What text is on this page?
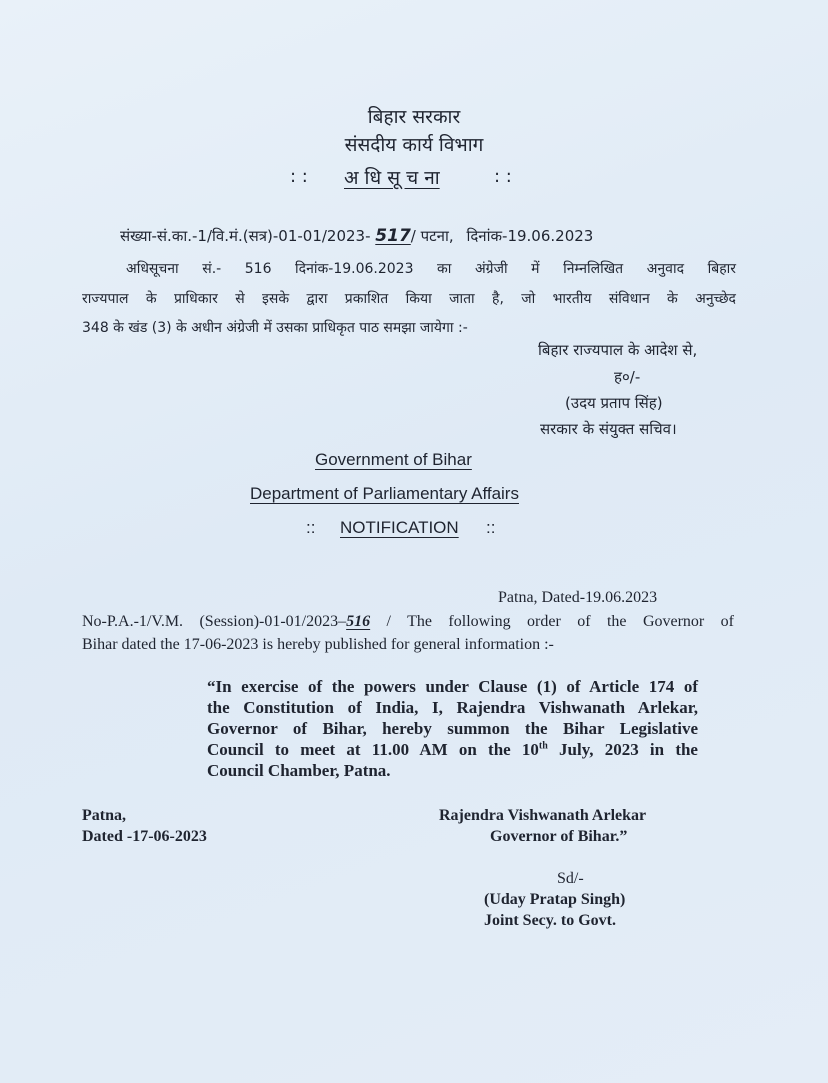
बिहार सरकार
संसदीय कार्य विभाग
: : अ धि सू च ना	: :
संख्या-सं.का.-1/वि.मं.(सत्र)-01-01/2023- 517/ पटना, दिनांक-19.06.2023
अधिसूचना सं.- 516 दिनांक-19.06.2023 का अंग्रेजी में निम्नलिखित अनुवाद बिहार
राज्यपाल के प्राधिकार से इसके द्वारा प्रकाशित किया जाता है, जो भारतीय संविधान के अनुच्छेद
348 के खंड (3) के अधीन अंग्रेजी में उसका प्राधिकृत पाठ समझा जायेगा :-
बिहार राज्यपाल के आदेश से,
ह०/-
(उदय प्रताप सिंह)
सरकार के संयुक्त सचिव।
Government of Bihar
Department of Parliamentary Affairs
:: NOTIFICATION ::
Patna, Dated-19.06.2023
No-P.A.-1/V.M. (Session)-01-01/2023–516 / The following order of the Governor of
Bihar dated the 17-06-2023 is hereby published for general information :-
“In exercise of the powers under Clause (1) of Article 174 of
the Constitution of India, I, Rajendra Vishwanath Arlekar,
Governor of Bihar, hereby summon the Bihar Legislative
Council to meet at 11.00 AM on the 10th July, 2023 in the
Council Chamber, Patna.
Patna,
Dated -17-06-2023
Rajendra Vishwanath Arlekar
Governor of Bihar.”
Sd/-
(Uday Pratap Singh)
Joint Secy. to Govt.
